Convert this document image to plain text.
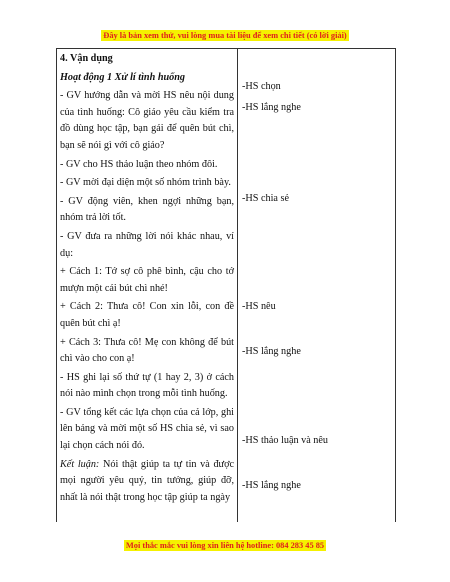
Đây là bản xem thử, vui lòng mua tài liệu để xem chi tiết (có lời giải)

4. Vận dụng

Hoạt động 1 Xử lí tình huống

- GV hướng dẫn và mời HS nêu nội dung của tình huống: Cô giáo yêu cầu kiểm tra đồ dùng học tập, bạn gái để quên bút chì, bạn sẽ nói gì với cô giáo?

- GV cho HS thảo luận theo nhóm đôi.

- GV mời đại diện một số nhóm trình bày.

- GV động viên, khen ngợi những bạn, nhóm trả lời tốt.

- GV đưa ra những lời nói khác nhau, ví dụ:

+ Cách 1: Tớ sợ cô phê bình, cậu cho tớ mượn một cái bút chì nhé!

+ Cách 2: Thưa cô! Con xin lỗi, con đề quên bút chì ạ!

+ Cách 3: Thưa cô! Mẹ con không để bút chì vào cho con ạ!

- HS ghi lại số thứ tự (1 hay 2, 3) ở cách nói nào mình chọn trong mỗi tình huống.

- GV tổng kết các lựa chọn của cả lớp, ghi lên bảng và mời một số HS chia sẻ, vì sao lại chọn cách nói đó.

Kết luận: Nói thật giúp ta tự tin và được mọi người yêu quý, tin tưởng, giúp đỡ, nhất là nói thật trong học tập giúp ta ngày

-HS chọn

-HS lắng nghe

-HS chia sẻ

-HS nêu

-HS lắng nghe

-HS thảo luận và nêu

-HS lắng nghe

Mọi thắc mắc vui lòng xin liên hệ hotline: 084 283 45 85
